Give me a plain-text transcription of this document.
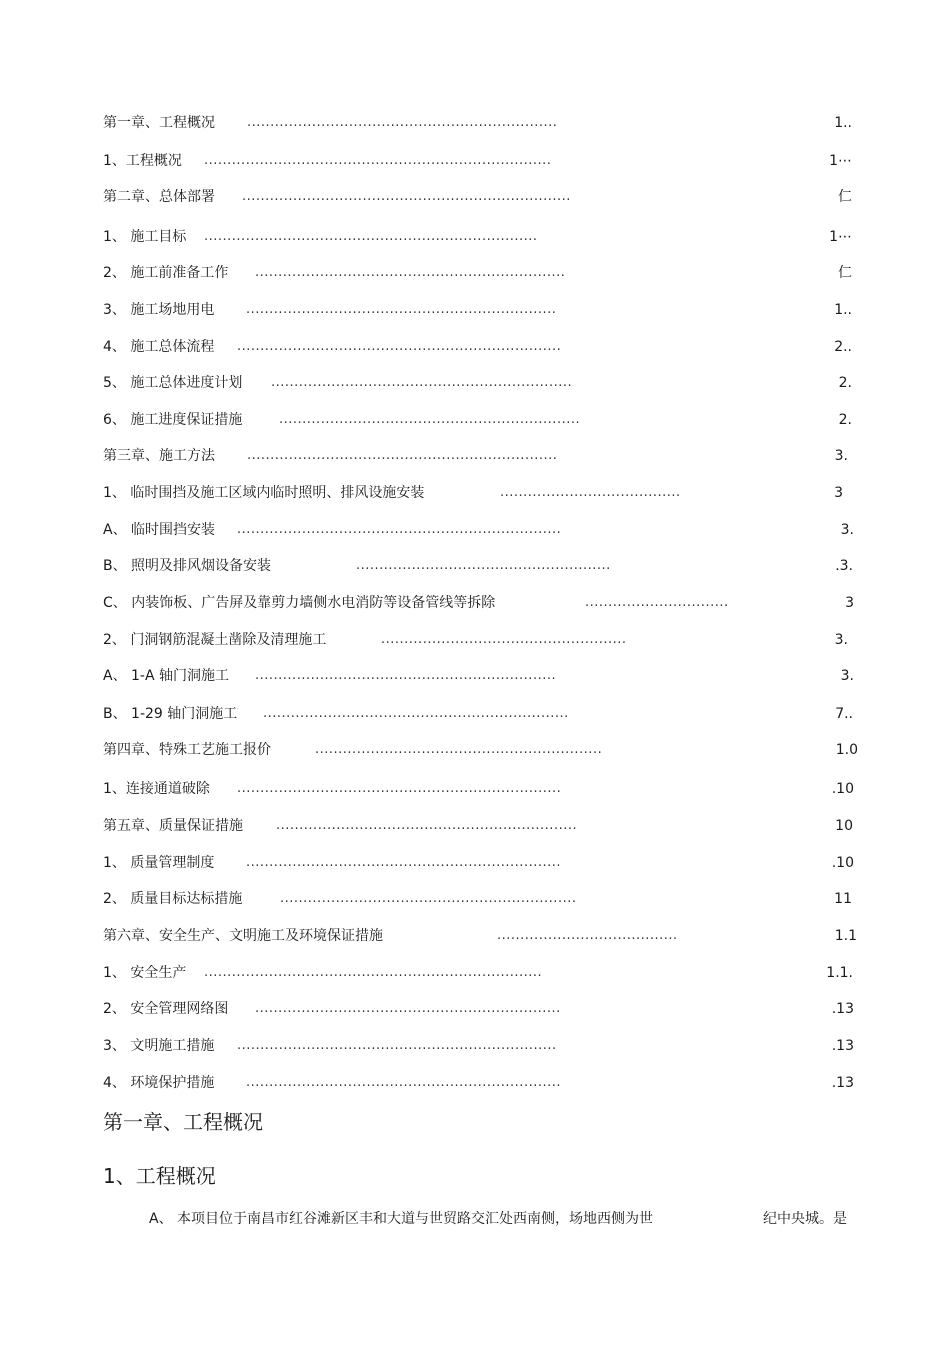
第一章、工程概况 ...................................................................	1..
1、工程概况 ...........................................................................	1⋯
第二章、总体部署 .......................................................................	仁
1、 施工目标 ........................................................................	1⋯
2、 施工前准备工作 ...................................................................	仁
3、 施工场地用电 ...................................................................	1..
4、 施工总体流程 ......................................................................	2..
5、 施工总体进度计划 .................................................................	2.
6、 施工进度保证措施	.................................................................	2.
第三章、施工方法 ...................................................................	3.
1、 临时围挡及施工区域内临时照明、排风设施安装	.......................................	3
A、 临时围挡安装 ......................................................................	3.
B、 照明及排风烟设备安装	.......................................................	.3.
C、 内装饰板、广告屏及靠剪力墙侧水电消防等设备管线等拆除	...............................	3
2、 门洞钢筋混凝土凿除及清理施工	.....................................................	3.
A、 1-A 轴门洞施工 .................................................................	3.
B、 1-29 轴门洞施工 ..................................................................	7..
第四章、特殊工艺施工报价	..............................................................	1.0
1、连接通道破除 ......................................................................	.10
第五章、质量保证措施	.................................................................	10
1、 质量管理制度 ....................................................................	.10
2、 质量目标达标措施	................................................................	11
第六章、安全生产、文明施工及环境保证措施	.......................................	1.1
1、 安全生产 .........................................................................	1.1.
2、 安全管理网络图 ..................................................................	.13
3、 文明施工措施 .....................................................................	.13
4、 环境保护措施 ....................................................................	.13
第一章、工程概况
1、工程概况
A、 本项目位于南昌市红谷滩新区丰和大道与世贸路交汇处西南侧，场地西侧为世	纪中央城。是
